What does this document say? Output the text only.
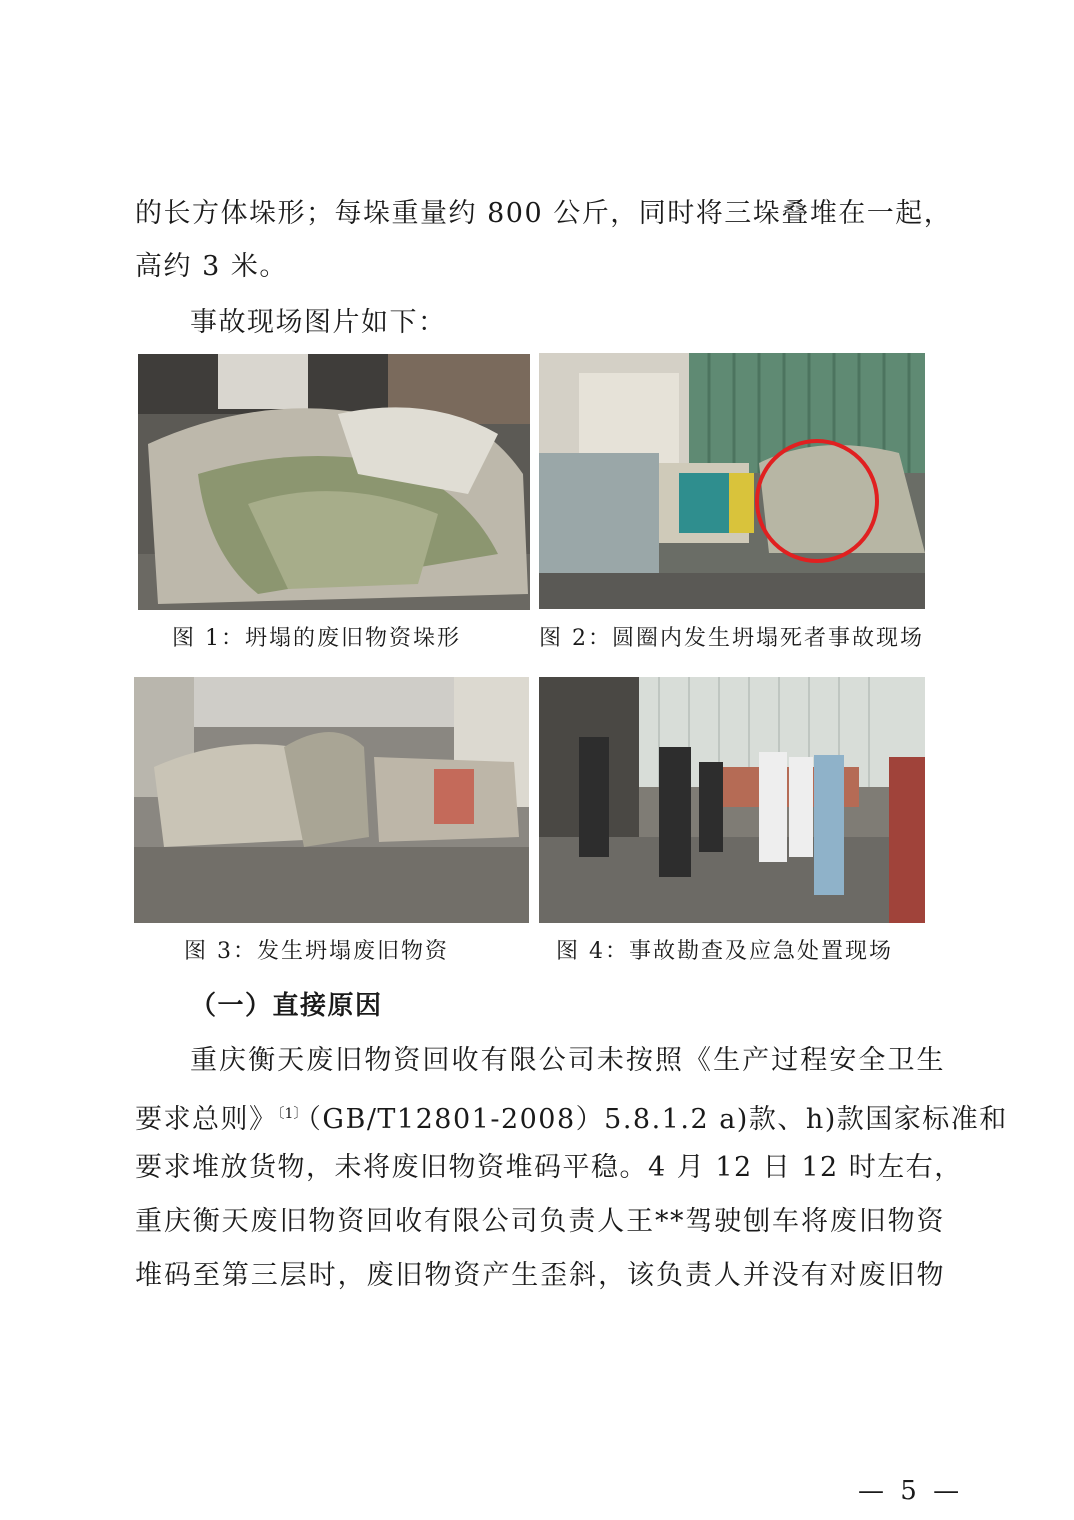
的长方体垛形；每垛重量约 800 公斤，同时将三垛叠堆在一起，
高约 3 米。
事故现场图片如下：
图 1：坍塌的废旧物资垛形	图 2：圆圈内发生坍塌死者事故现场
图 3：发生坍塌废旧物资	图 4：事故勘查及应急处置现场
（一）直接原因
重庆衡天废旧物资回收有限公司未按照《生产过程安全卫生
要求总则》$^{〔1〕}$（GB/T12801-2008）5.8.1.2 a)款、h)款国家标准和
要求堆放货物，未将废旧物资堆码平稳。4 月 12 日 12 时左右，
重庆衡天废旧物资回收有限公司负责人王**驾驶刨车将废旧物资
堆码至第三层时，废旧物资产生歪斜，该负责人并没有对废旧物
— 5 —
